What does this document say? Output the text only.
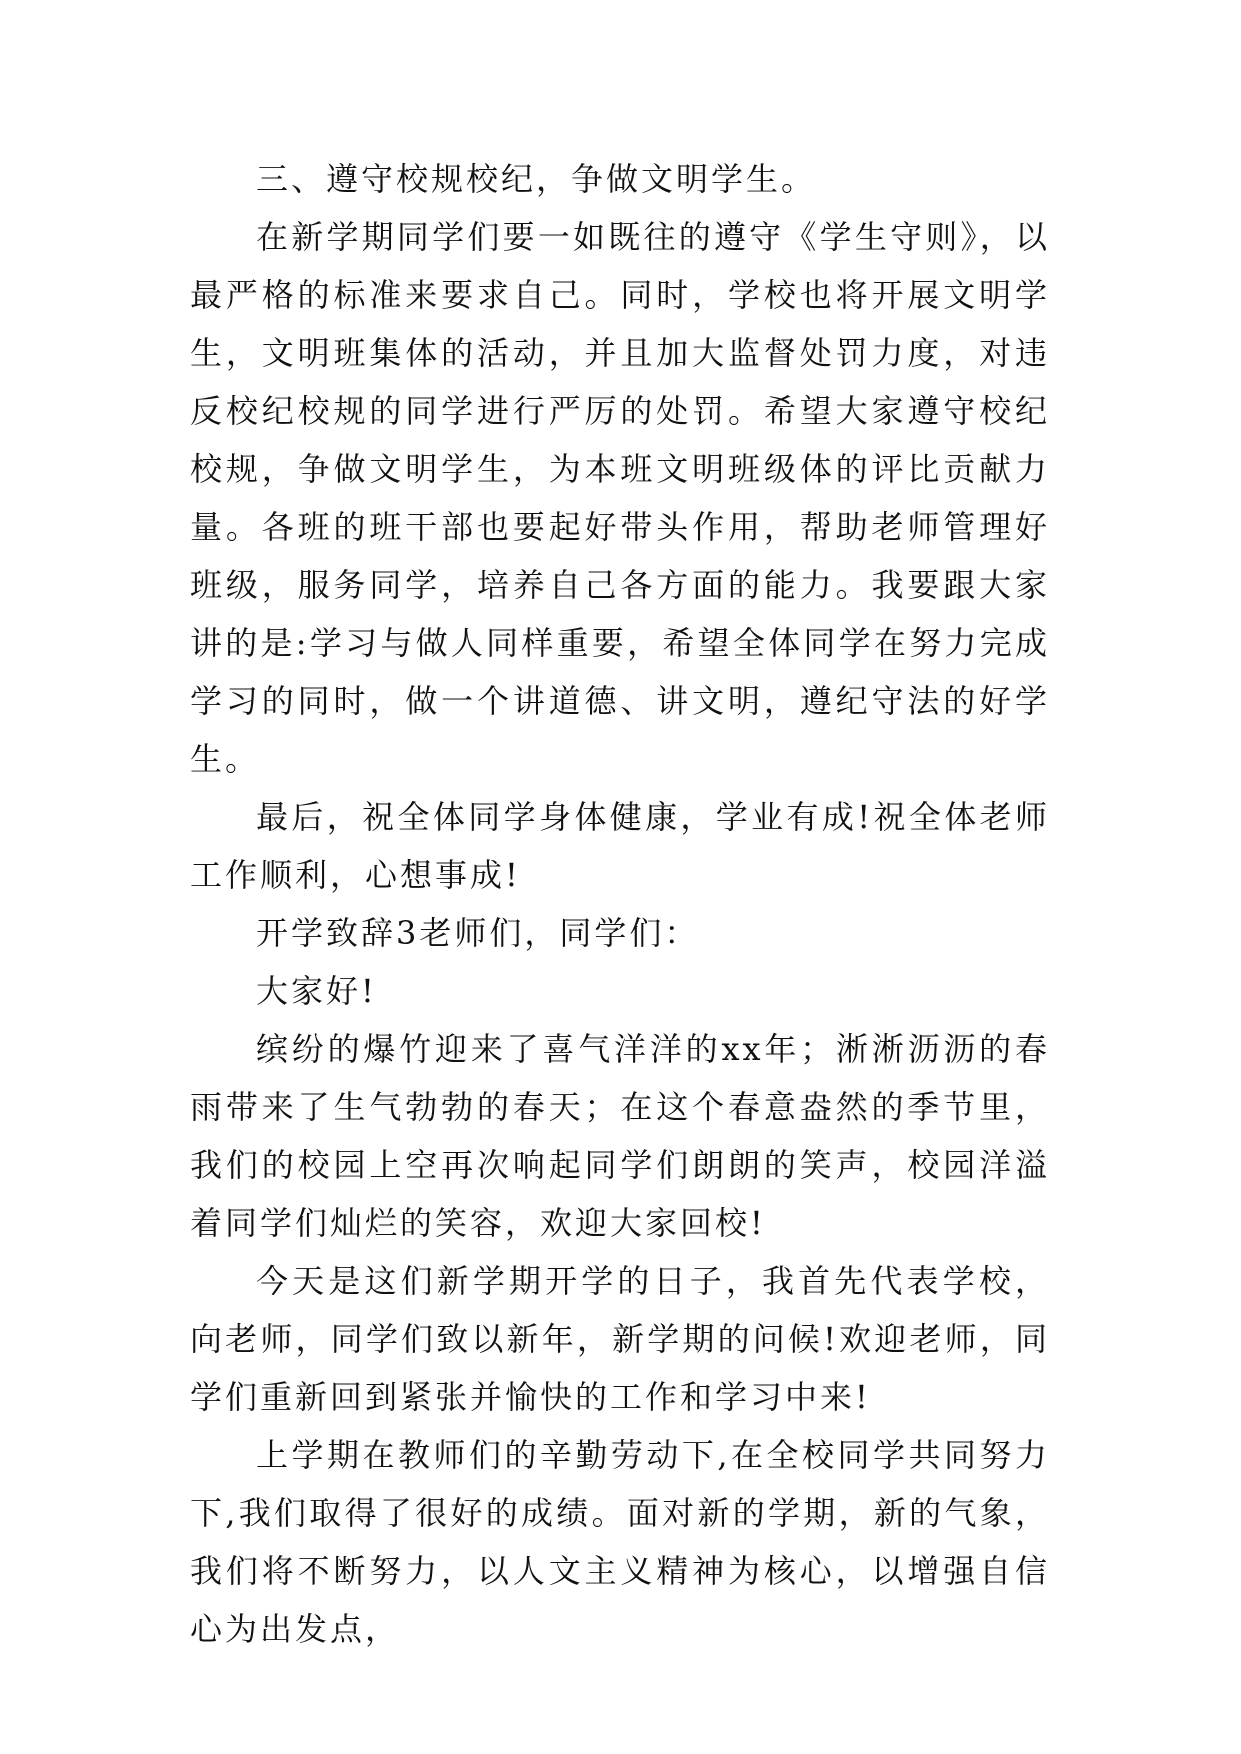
三、遵守校规校纪，争做文明学生。

在新学期同学们要一如既往的遵守《学生守则》，以最严格的标准来要求自己。同时，学校也将开展文明学生，文明班集体的活动，并且加大监督处罚力度，对违反校纪校规的同学进行严厉的处罚。希望大家遵守校纪校规，争做文明学生，为本班文明班级体的评比贡献力量。各班的班干部也要起好带头作用，帮助老师管理好班级，服务同学，培养自己各方面的能力。我要跟大家讲的是:学习与做人同样重要，希望全体同学在努力完成学习的同时，做一个讲道德、讲文明，遵纪守法的好学生。

最后，祝全体同学身体健康，学业有成!祝全体老师工作顺利，心想事成!

开学致辞3老师们，同学们：

大家好!

缤纷的爆竹迎来了喜气洋洋的xx年；淅淅沥沥的春雨带来了生气勃勃的春天；在这个春意盎然的季节里，我们的校园上空再次响起同学们朗朗的笑声，校园洋溢着同学们灿烂的笑容，欢迎大家回校!

今天是这们新学期开学的日子，我首先代表学校，向老师，同学们致以新年，新学期的问候!欢迎老师，同学们重新回到紧张并愉快的工作和学习中来!

上学期在教师们的辛勤劳动下,在全校同学共同努力下,我们取得了很好的成绩。面对新的学期，新的气象，我们将不断努力，以人文主义精神为核心，以增强自信心为出发点，
